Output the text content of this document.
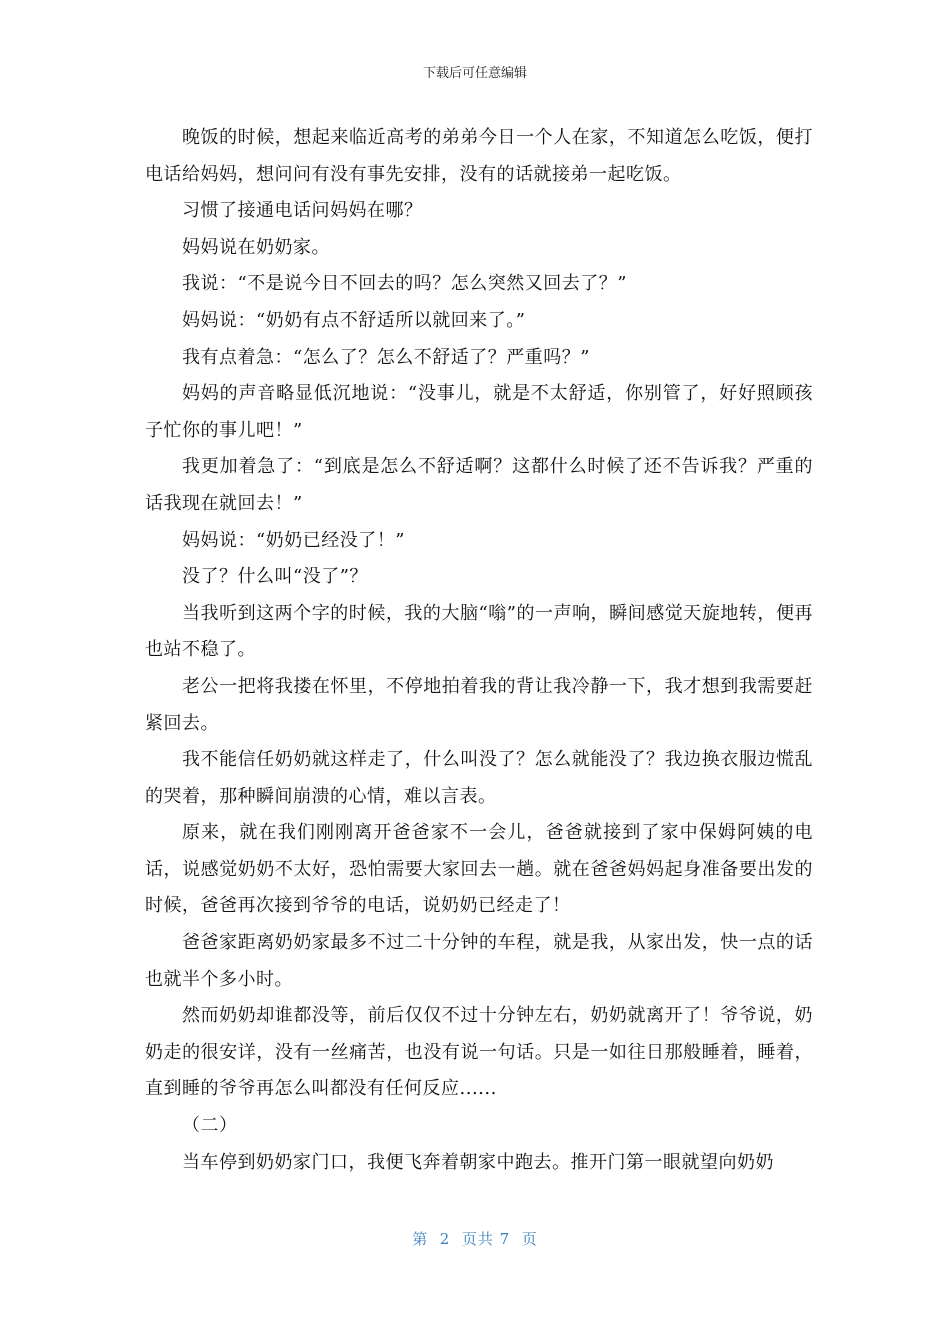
下载后可任意编辑

晚饭的时候，想起来临近高考的弟弟今日一个人在家，不知道怎么吃饭，便打电话给妈妈，想问问有没有事先安排，没有的话就接弟一起吃饭。

习惯了接通电话问妈妈在哪？

妈妈说在奶奶家。

我说：“不是说今日不回去的吗？怎么突然又回去了？”

妈妈说：“奶奶有点不舒适所以就回来了。”

我有点着急：“怎么了？怎么不舒适了？严重吗？”

妈妈的声音略显低沉地说：“没事儿，就是不太舒适，你别管了，好好照顾孩子忙你的事儿吧！”

我更加着急了：“到底是怎么不舒适啊？这都什么时候了还不告诉我？严重的话我现在就回去！”

妈妈说：“奶奶已经没了！”

没了？什么叫“没了”？

当我听到这两个字的时候，我的大脑“嗡”的一声响，瞬间感觉天旋地转，便再也站不稳了。

老公一把将我搂在怀里，不停地拍着我的背让我冷静一下，我才想到我需要赶紧回去。

我不能信任奶奶就这样走了，什么叫没了？怎么就能没了？我边换衣服边慌乱的哭着，那种瞬间崩溃的心情，难以言表。

原来，就在我们刚刚离开爸爸家不一会儿，爸爸就接到了家中保姆阿姨的电话，说感觉奶奶不太好，恐怕需要大家回去一趟。就在爸爸妈妈起身准备要出发的时候，爸爸再次接到爷爷的电话，说奶奶已经走了！

爸爸家距离奶奶家最多不过二十分钟的车程，就是我，从家出发，快一点的话也就半个多小时。

然而奶奶却谁都没等，前后仅仅不过十分钟左右，奶奶就离开了！爷爷说，奶奶走的很安详，没有一丝痛苦，也没有说一句话。只是一如往日那般睡着，睡着，直到睡的爷爷再怎么叫都没有任何反应......

（二）

当车停到奶奶家门口，我便飞奔着朝家中跑去。推开门第一眼就望向奶奶

第  2  页共 7  页
